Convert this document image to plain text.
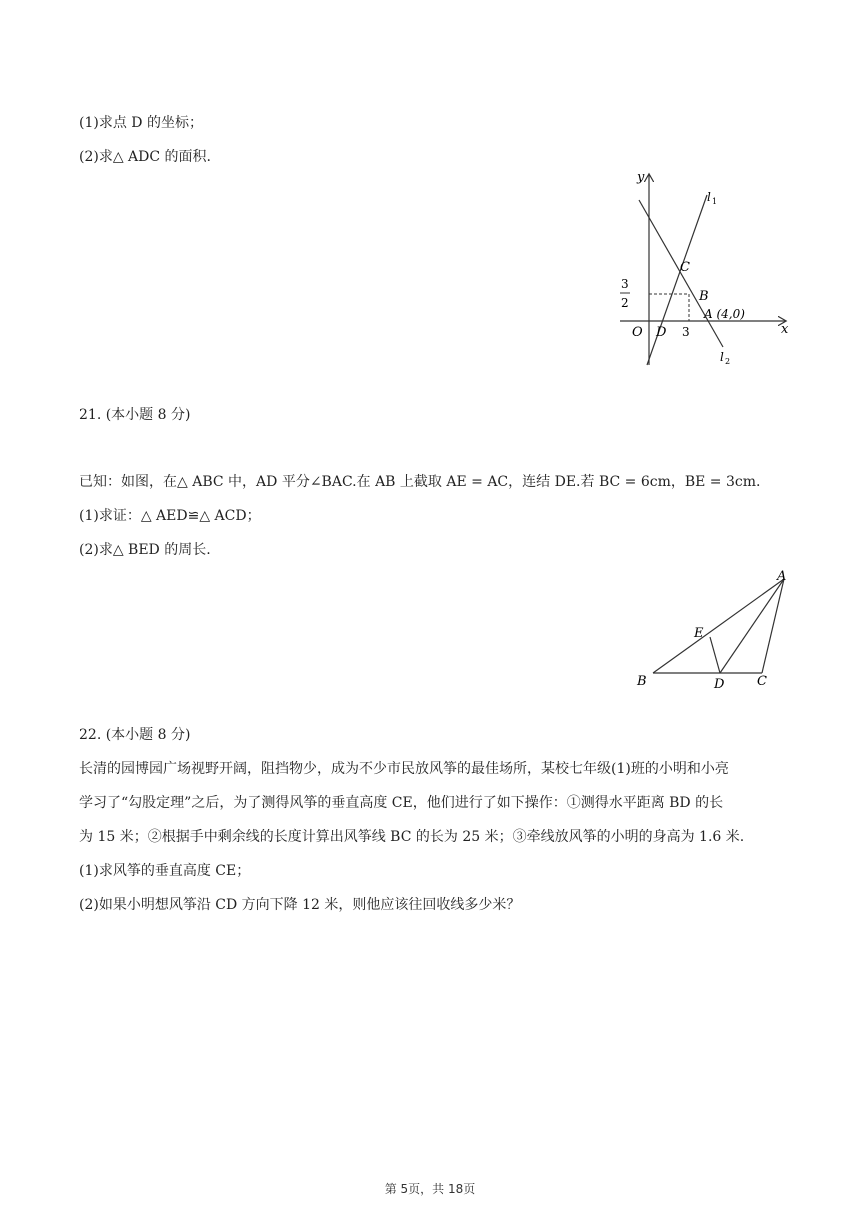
(1)求点 D 的坐标；
(2)求△ ADC 的面积.
y
x
l 1
l 2
C
B
A (4,0)
O D 3
3
2
21. (本小题 8 分)
已知：如图，在△ ABC 中，AD 平分∠BAC.在 AB 上截取 AE = AC，连结 DE.若 BC = 6cm，BE = 3cm.
(1)求证：△ AED≌△ ACD；
(2)求△ BED 的周长.
A
B	C
D
E
22. (本小题 8 分)
长清的园博园广场视野开阔，阻挡物少，成为不少市民放风筝的最佳场所，某校七年级(1)班的小明和小亮
学习了“勾股定理”之后，为了测得风筝的垂直高度 CE，他们进行了如下操作：①测得水平距离 BD 的长
为 15 米；②根据手中剩余线的长度计算出风筝线 BC 的长为 25 米；③牵线放风筝的小明的身高为 1.6 米.
(1)求风筝的垂直高度 CE；
(2)如果小明想风筝沿 CD 方向下降 12 米，则他应该往回收线多少米？
第 5页，共 18页
